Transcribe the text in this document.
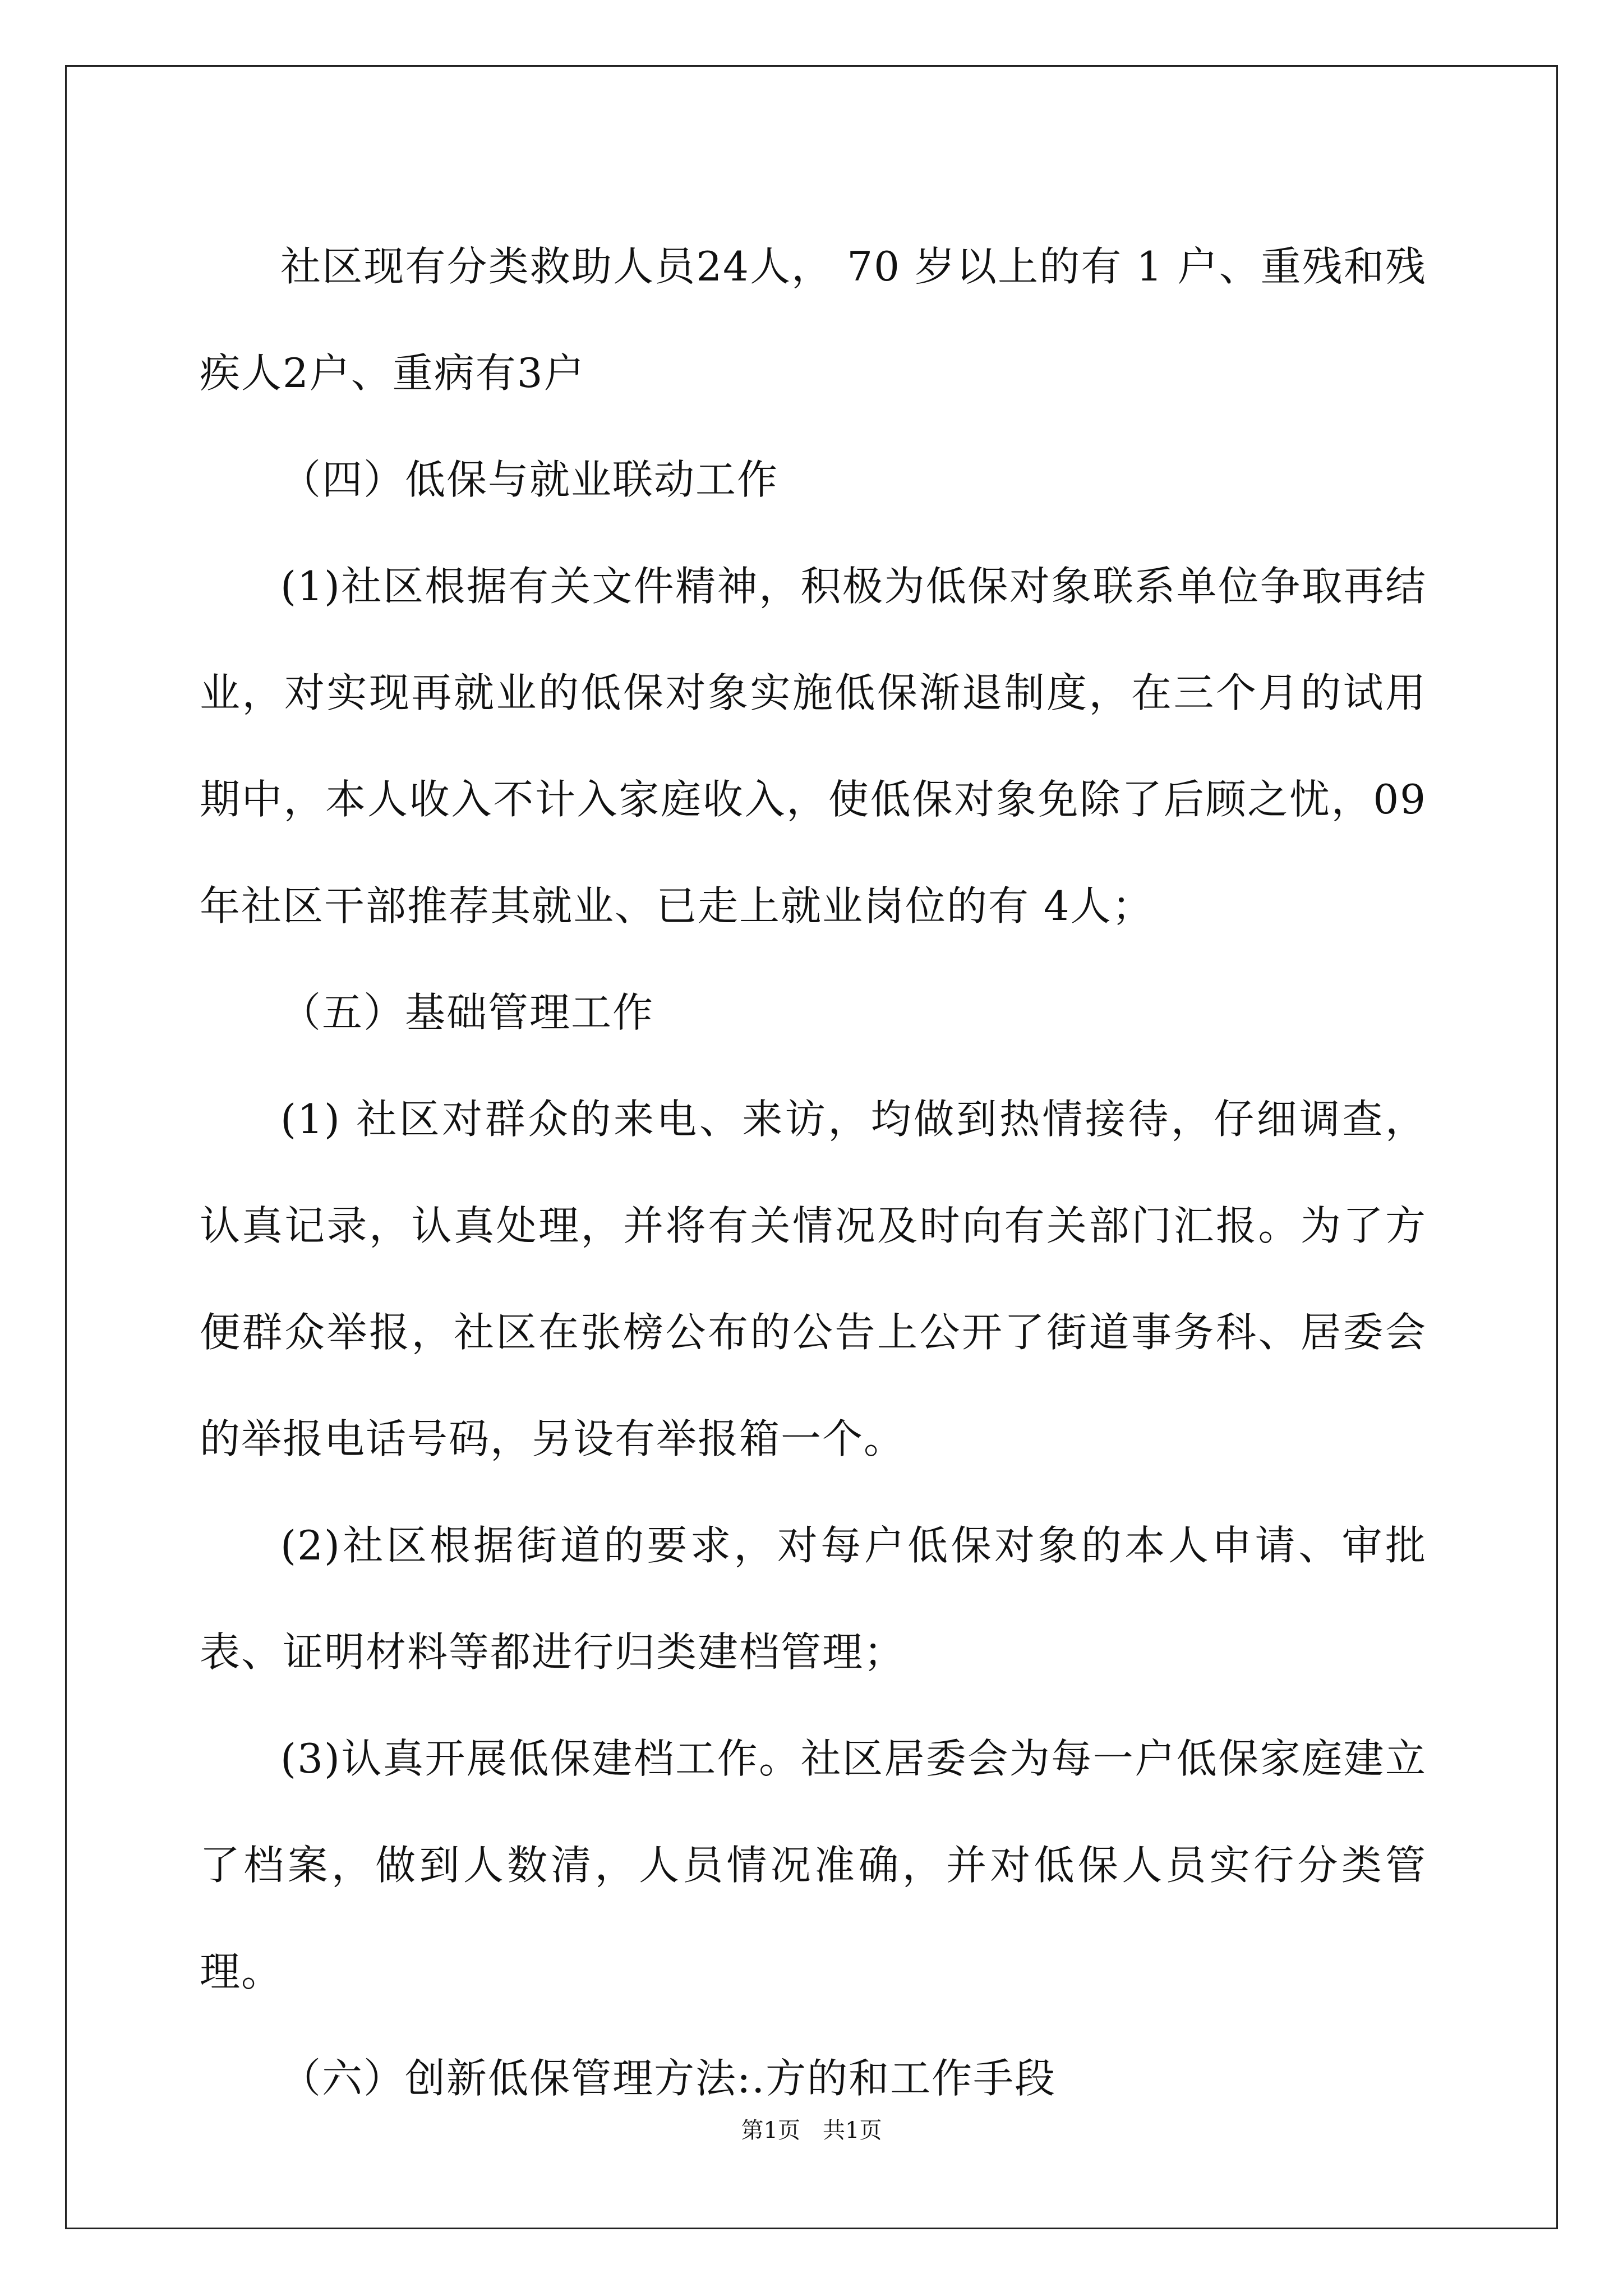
社区现有分类救助人员24人， 70 岁以上的有 1 户、重残和残疾人2户、重病有3户

（四）低保与就业联动工作

(1)社区根据有关文件精神，积极为低保对象联系单位争取再结业，对实现再就业的低保对象实施低保渐退制度，在三个月的试用期中，本人收入不计入家庭收入，使低保对象免除了后顾之忧，09年社区干部推荐其就业、已走上就业岗位的有 4人；

（五）基础管理工作

(1) 社区对群众的来电、来访，均做到热情接待，仔细调查，认真记录，认真处理，并将有关情况及时向有关部门汇报。为了方便群众举报，社区在张榜公布的公告上公开了街道事务科、居委会的举报电话号码，另设有举报箱一个。

(2)社区根据街道的要求，对每户低保对象的本人申请、审批表、证明材料等都进行归类建档管理；

(3)认真开展低保建档工作。社区居委会为每一户低保家庭建立了档案，做到人数清，人员情况准确，并对低保人员实行分类管理。

（六）创新低保管理方法:.方的和工作手段

第1页　共1页
